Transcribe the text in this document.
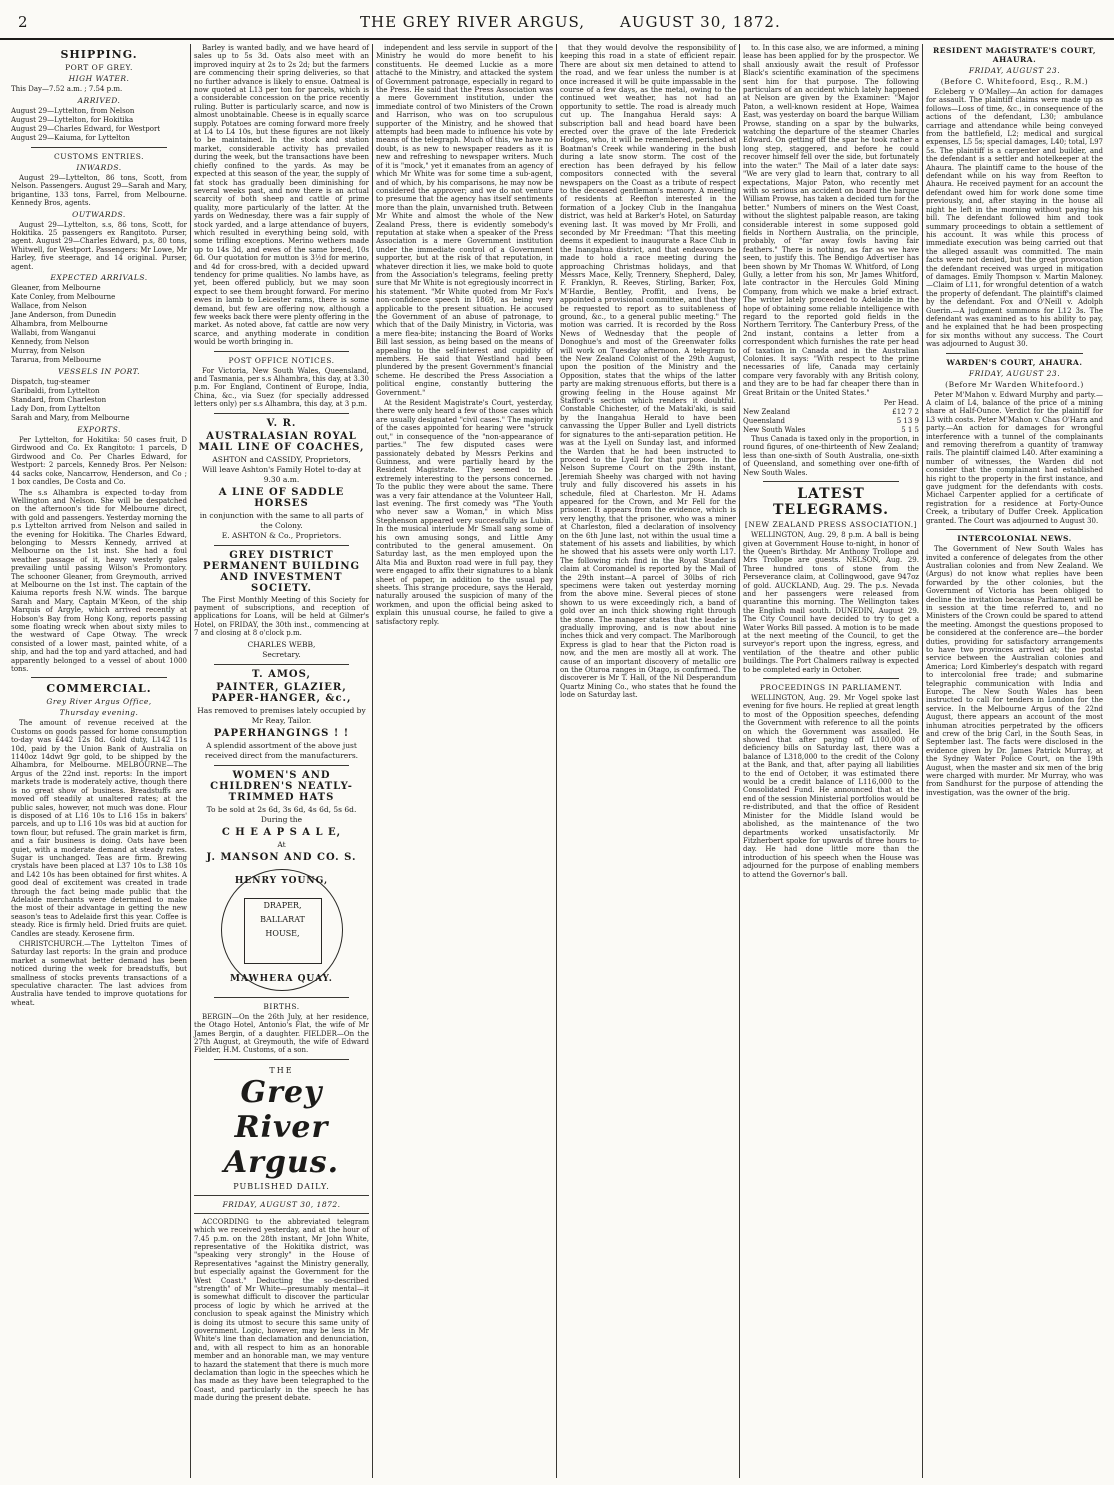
2	THE GREY RIVER ARGUS, AUGUST 30, 1872.
SHIPPING.
PORT OF GREY.
HIGH WATER.

This Day—7.52 a.m. ; 7.54 p.m.

ARRIVED.

August 29—Lyttelton, from Nelson

August 29—Lyttelton, for Hokitika

August 29—Charles Edward, for Westport

August 29—Kaiuma, for Lyttelton

CUSTOMS ENTRIES.
INWARDS.

August 29—Lyttelton, 86 tons, Scott, from Nelson. Passengers. August 29—Sarah and Mary, brigantine, 133 tons, Farrel, from Melbourne. Kennedy Bros, agents.

OUTWARDS.

August 29—Lyttelton, s.s, 86 tons, Scott, for Hokitika. 25 passengers ex Rangitoto. Purser, agent. August 29—Charles Edward, p.s, 80 tons, Whitwell, for Westport. Passengers: Mr Lowe, Mr Harley, five steerage, and 14 original. Purser, agent.

EXPECTED ARRIVALS.

Gleaner, from Melbourne

Kate Conley, from Melbourne

Wallace, from Nelson

Jane Anderson, from Dunedin

Alhambra, from Melbourne

Wallabi, from Wanganui

Kennedy, from Nelson

Murray, from Nelson

Tararua, from Melbourne

VESSELS IN PORT.

Dispatch, tug-steamer

Garibaldi, from Lyttelton

Standard, from Charleston

Lady Don, from Lyttelton

Sarah and Mary, from Melbourne

EXPORTS.

Per Lyttelton, for Hokitika: 50 cases fruit, D Girdwood and Co. Ex Rangitoto: 1 parcels, D Girdwood and Co. Per Charles Edward, for Westport: 2 parcels, Kennedy Bros. Per Nelson: 44 sacks coke, Nancarrow, Henderson, and Co ; 1 box candles, De Costa and Co.

The s.s Alhambra is expected to-day from Wellington and Nelson. She will be despatched on the afternoon's tide for Melbourne direct, with gold and passengers. Yesterday morning the p.s Lyttelton arrived from Nelson and sailed in the evening for Hokitika. The Charles Edward, belonging to Messrs Kennedy, arrived at Melbourne on the 1st inst. She had a foul weather passage of it, heavy westerly gales prevailing until passing Wilson's Promontory. The schooner Gleaner, from Greymouth, arrived at Melbourne on the 1st inst. The captain of the Kaiuma reports fresh N.W. winds. The barque Sarah and Mary, Captain M'Keon, of the ship Marquis of Argyle, which arrived recently at Hobson's Bay from Hong Kong, reports passing some floating wreck when about sixty miles to the westward of Cape Otway. The wreck consisted of a lower mast, painted white, of a ship, and had the top and yard attached, and had apparently belonged to a vessel of about 1000 tons.

COMMERCIAL.
Grey River Argus Office,
Thursday evening.

The amount of revenue received at the Customs on goods passed for home consumption to-day was £442 12s 8d. Gold duty, L142 11s 10d, paid by the Union Bank of Australia on 1140oz 14dwt 9gr gold, to be shipped by the Alhambra, for Melbourne. MELBOURNE—The Argus of the 22nd inst. reports: In the import markets trade is moderately active, though there is no great show of business. Breadstuffs are moved off steadily at unaltered rates; at the public sales, however, not much was done. Flour is disposed of at L16 10s to L16 15s in bakers' parcels, and up to L16 10s was bid at auction for town flour, but refused. The grain market is firm, and a fair business is doing. Oats have been quiet, with a moderate demand at steady rates. Sugar is unchanged. Teas are firm. Brewing crystals have been placed at L37 10s to L38 10s and L42 10s has been obtained for first whites. A good deal of excitement was created in trade through the fact being made public that the Adelaide merchants were determined to make the most of their advantage in getting the new season's teas to Adelaide first this year. Coffee is steady. Rice is firmly held. Dried fruits are quiet. Candles are steady. Kerosene firm.

CHRISTCHURCH.—The Lyttelton Times of Saturday last reports: In the grain and produce market a somewhat better demand has been noticed during the week for breadstuffs, but smallness of stocks prevents transactions of a speculative character. The last advices from Australia have tended to improve quotations for wheat.

Barley is wanted badly, and we have heard of sales up to 5s 3d. Oats also meet with an improved inquiry at 2s to 2s 2d; but the farmers are commencing their spring deliveries, so that no further advance is likely to ensue. Oatmeal is now quoted at L13 per ton for parcels, which is a considerable concession on the price recently ruling. Butter is particularly scarce, and now is almost unobtainable. Cheese is in equally scarce supply. Potatoes are coming forward more freely at L4 to L4 10s, but these figures are not likely to be maintained. In the stock and station market, considerable activity has prevailed during the week, but the transactions have been chiefly confined to the yards. As may be expected at this season of the year, the supply of fat stock has gradually been diminishing for several weeks past, and now there is an actual scarcity of both sheep and cattle of prime quality, more particularly of the latter. At the yards on Wednesday, there was a fair supply of stock yarded, and a large attendance of buyers, which resulted in everything being sold, with some trifling exceptions. Merino wethers made up to 14s 3d, and ewes of the same breed, 10s 6d. Our quotation for mutton is 3½d for merino, and 4d for cross-bred, with a decided upward tendency for prime qualities. No lambs have, as yet, been offered publicly, but we may soon expect to see them brought forward. For merino ewes in lamb to Leicester rams, there is some demand, but few are offering now, although a few weeks back there were plenty offering in the market. As noted above, fat cattle are now very scarce, and anything moderate in condition would be worth bringing in.

POST OFFICE NOTICES.

For Victoria, New South Wales, Queensland, and Tasmania, per s.s Alhambra, this day, at 3.30 p.m. For England, Continent of Europe, India, China, &c., via Suez (for specially addressed letters only) per s.s Alhambra, this day, at 3 p.m.

V. R.
AUSTRALASIAN ROYAL MAIL LINE OF COACHES,

ASHTON and CASSIDY, Proprietors,

Will leave Ashton's Family Hotel to-day at 9.30 a.m.

A LINE OF SADDLE HORSES

in conjunction with the same to all parts of the Colony.

E. ASHTON & Co., Proprietors.

GREY DISTRICT PERMANENT BUILDING AND INVESTMENT SOCIETY.

The First Monthly Meeting of this Society for payment of subscriptions, and reception of applications for Loans, will be held at Gilmer's Hotel, on FRIDAY, the 30th inst., commencing at 7 and closing at 8 o'clock p.m.

CHARLES WEBB,

Secretary.

T. AMOS,
PAINTER, GLAZIER, PAPER-HANGER, &c.,

Has removed to premises lately occupied by Mr Reay, Tailor.

PAPERHANGINGS ! !

A splendid assortment of the above just received direct from the manufacturers.

WOMEN'S AND CHILDREN'S NEATLY-TRIMMED HATS

To be sold at 2s 6d, 3s 6d, 4s 6d, 5s 6d.

During the

C H E A P S A L E,

At

J. MANSON AND CO. S.
HENRY YOUNG,
DRAPER,
BALLARAT HOUSE,
MAWHERA QUAY.
BIRTHS.

BERGIN—On the 26th July, at her residence, the Otago Hotel, Antonio's Flat, the wife of Mr James Bergin, of a daughter. FIELDER—On the 27th August, at Greymouth, the wife of Edward Fielder, H.M. Customs, of a son.

THE
Grey River Argus.
PUBLISHED DAILY.
FRIDAY, AUGUST 30, 1872.

ACCORDING to the abbreviated telegram which we received yesterday, and at the hour of 7.45 p.m. on the 28th instant, Mr John White, representative of the Hokitika district, was "speaking very strongly" in the House of Representatives "against the Ministry generally, but especially against the Government for the West Coast." Deducting the so-described "strength" of Mr White—presumably mental—it is somewhat difficult to discover the particular process of logic by which he arrived at the conclusion to speak against the Ministry which is doing its utmost to secure this same unity of government. Logic, however, may be less in Mr White's line than declamation and denunciation, and, with all respect to him as an honorable member and an honorable man, we may venture to hazard the statement that there is much more declamation than logic in the speeches which he has made as they have been telegraphed to the Coast, and particularly in the speech he has made during the present debate.

independent and less servile in support of the Ministry he would do more benefit to his constituents. He deemed Luckie as a more attaché to the Ministry, and attacked the system of Government patronage, especially in regard to the Press. He said that the Press Association was a mere Government institution, under the immediate control of two Ministers of the Crown and Harrison, who was on too scrupulous supporter of the Ministry, and he showed that attempts had been made to influence his vote by means of the telegraph. Much of this, we have no doubt, is as new to newspaper readers as it is new and refreshing to newspaper writers. Much of it is "mock," yet it emanates from an agency of which Mr White was for some time a sub-agent, and of which, by his comparisons, he may now be considered the approver; and we do not venture to presume that the agency has itself sentiments more than the plain, unvarnished truth. Between Mr White and almost the whole of the New Zealand Press, there is evidently somebody's reputation at stake when a speaker of the Press Association is a mere Government institution under the immediate control of a Government supporter, but at the risk of that reputation, in whatever direction it lies, we make bold to quote from the Association's telegrams, feeling pretty sure that Mr White is not egregiously incorrect in his statement. "Mr White quoted from Mr Fox's non-confidence speech in 1869, as being very applicable to the present situation. He accused the Government of an abuse of patronage, to which that of the Daily Ministry, in Victoria, was a mere flea-bite; instancing the Board of Works Bill last session, as being based on the means of appealing to the self-interest and cupidity of members. He said that Westland had been plundered by the present Government's financial scheme. He described the Press Association a political engine, constantly buttering the Government."

At the Resident Magistrate's Court, yesterday, there were only heard a few of those cases which are usually designated "civil cases." The majority of the cases appointed for hearing were "struck out," in consequence of the "non-appearance of parties." The few disputed cases were passionately debated by Messrs Perkins and Guinness, and were partially heard by the Resident Magistrate. They seemed to be extremely interesting to the persons concerned. To the public they were about the same. There was a very fair attendance at the Volunteer Hall, last evening. The first comedy was "The Youth who never saw a Woman," in which Miss Stephenson appeared very successfully as Lubin. In the musical interlude Mr Small sang some of his own amusing songs, and Little Amy contributed to the general amusement. On Saturday last, as the men employed upon the Alta Mia and Buxton road were in full pay, they were engaged to affix their signatures to a blank sheet of paper, in addition to the usual pay sheets. This strange procedure, says the Herald, naturally aroused the suspicion of many of the workmen, and upon the official being asked to explain this unusual course, he failed to give a satisfactory reply.

that they would devolve the responsibility of keeping this road in a state of efficient repair. There are about six men detained to attend to the road, and we fear unless the number is at once increased it will be quite impassable in the course of a few days, as the metal, owing to the continued wet weather, has not had an opportunity to settle. The road is already much cut up. The Inangahua Herald says: A subscription ball and head board have been erected over the grave of the late Frederick Hodges, who, it will be remembered, perished at Boatman's Creek while wandering in the bush during a late snow storm. The cost of the erection has been defrayed by his fellow compositors connected with the several newspapers on the Coast as a tribute of respect to the deceased gentleman's memory. A meeting of residents at Reefton interested in the formation of a Jockey Club in the Inangahua district, was held at Barker's Hotel, on Saturday evening last. It was moved by Mr Frolli, and seconded by Mr Freedman: "That this meeting deems it expedient to inaugurate a Race Club in the Inangahua district, and that endeavours be made to hold a race meeting during the approaching Christmas holidays, and that Messrs Mace, Kelly, Trennery, Shepherd, Daley, F. Franklyn, R. Reeves, Stirling, Barker, Fox, M'Hardie, Bentley, Proffit, and Ivens, be appointed a provisional committee, and that they be requested to report as to suitableness of ground, &c., to a general public meeting." The motion was carried. It is recorded by the Ross News of Wednesday that the people of Donoghue's and most of the Greenwater folks will work on Tuesday afternoon. A telegram to the New Zealand Colonist of the 29th August, upon the position of the Ministry and the Opposition, states that the whips of the latter party are making strenuous efforts, but there is a growing feeling in the House against Mr Stafford's section which renders it doubtful. Constable Chichester, of the Mataki'aki, is said by the Inangahua Herald to have been canvassing the Upper Buller and Lyell districts for signatures to the anti-separation petition. He was at the Lyell on Sunday last, and informed the Warden that he had been instructed to proceed to the Lyell for that purpose. In the Nelson Supreme Court on the 29th instant, Jeremiah Sheehy was charged with not having truly and fully discovered his assets in his schedule, filed at Charleston. Mr H. Adams appeared for the Crown, and Mr Fell for the prisoner. It appears from the evidence, which is very lengthy, that the prisoner, who was a miner at Charleston, filed a declaration of insolvency on the 6th June last, not within the usual time a statement of his assets and liabilities, by which he showed that his assets were only worth L17. The following rich find in the Royal Standard claim at Coromandel is reported by the Mail of the 29th instant—A parcel of 30lbs of rich specimens were taken out yesterday morning from the above mine. Several pieces of stone shown to us were exceedingly rich, a band of gold over an inch thick showing right through the stone. The manager states that the leader is gradually improving, and is now about nine inches thick and very compact. The Marlborough Express is glad to hear that the Picton road is now, and the men are mostly all at work. The cause of an important discovery of metallic ore on the Oturoa ranges in Otago, is confirmed. The discoverer is Mr T. Hall, of the Nil Desperandum Quartz Mining Co., who states that he found the lode on Saturday last.

to. In this case also, we are informed, a mining lease has been applied for by the prospector. We shall anxiously await the result of Professor Black's scientific examination of the specimens sent him for that purpose. The following particulars of an accident which lately happened at Nelson are given by the Examiner: "Major Paton, a well-known resident at Hope, Waimea East, was yesterday on board the barque William Prowse, standing on a spar by the bulwarks, watching the departure of the steamer Charles Edward. On getting off the spar he took rather a long step, staggered, and before he could recover himself fell over the side, but fortunately into the water." The Mail of a later date says: "We are very glad to learn that, contrary to all expectations, Major Paton, who recently met with so serious an accident on board the barque William Prowse, has taken a decided turn for the better." Numbers of miners on the West Coast, without the slightest palpable reason, are taking considerable interest in some supposed gold fields in Northern Australia, on the principle, probably, of "far away fowls having fair feathers." There is nothing, as far as we have seen, to justify this. The Bendigo Advertiser has been shown by Mr Thomas W. Whitford, of Long Gully, a letter from his son, Mr James Whitford, late contractor in the Hercules Gold Mining Company, from which we make a brief extract. The writer lately proceeded to Adelaide in the hope of obtaining some reliable intelligence with regard to the reported gold fields in the Northern Territory. The Canterbury Press, of the 2nd instant, contains a letter from a correspondent which furnishes the rate per head of taxation in Canada and in the Australian Colonies. It says: "With respect to the prime necessaries of life, Canada may certainly compare very favorably with any British colony, and they are to be had far cheaper there than in Great Britain or the United States."

Per Head.
New Zealand	£12 7 2
Queensland	5 13 9
New South Wales	5 1 5

Thus Canada is taxed only in the proportion, in round figures, of one-thirteenth of New Zealand; less than one-sixth of South Australia, one-sixth of Queensland, and something over one-fifth of New South Wales.

LATEST TELEGRAMS.
[NEW ZEALAND PRESS ASSOCIATION.]

WELLINGTON, Aug. 29, 8 p.m. A ball is being given at Government House to-night, in honor of the Queen's Birthday. Mr Anthony Trollope and Mrs Trollope are guests. NELSON, Aug. 29. Three hundred tons of stone from the Perseverance claim, at Collingwood, gave 947oz of gold. AUCKLAND, Aug. 29. The p.s. Nevada and her passengers were released from quarantine this morning. The Wellington takes the English mail south. DUNEDIN, August 29. The City Council have decided to try to get a Water Works Bill passed. A motion is to be made at the next meeting of the Council, to get the surveyor's report upon the ingress, egress, and ventilation of the theatre and other public buildings. The Port Chalmers railway is expected to be completed early in October.

PROCEEDINGS IN PARLIAMENT.

WELLINGTON, Aug. 29. Mr Vogel spoke last evening for five hours. He replied at great length to most of the Opposition speeches, defending the Government with reference to all the points on which the Government was assailed. He showed that after paying off L100,000 of deficiency bills on Saturday last, there was a balance of L318,000 to the credit of the Colony at the Bank, and that, after paying all liabilities to the end of October, it was estimated there would be a credit balance of L116,000 to the Consolidated Fund. He announced that at the end of the session Ministerial portfolios would be re-distributed, and that the office of Resident Minister for the Middle Island would be abolished, as the maintenance of the two departments worked unsatisfactorily. Mr Fitzherbert spoke for upwards of three hours to-day. He had done little more than the introduction of his speech when the House was adjourned for the purpose of enabling members to attend the Governor's ball.

RESIDENT MAGISTRATE'S COURT, AHAURA.
FRIDAY, AUGUST 23.
(Before C. Whitefoord, Esq., R.M.)

Ecleberg v O'Malley—An action for damages for assault. The plaintiff claims were made up as follows—Loss of time, &c., in consequence of the actions of the defendant, L30; ambulance carriage and attendance while being conveyed from the battlefield, L2; medical and surgical expenses, L5 5s; special damages, L40; total, L97 5s. The plaintiff is a carpenter and builder, and the defendant is a settler and hotelkeeper at the Ahaura. The plaintiff came to the house of the defendant while on his way from Reefton to Ahaura. He received payment for an account the defendant owed him for work done some time previously, and, after staying in the house all night he left in the morning without paying his bill. The defendant followed him and took summary proceedings to obtain a settlement of his account. It was while this process of immediate execution was being carried out that the alleged assault was committed. The main facts were not denied, but the great provocation the defendant received was urged in mitigation of damages. Emily Thompson v. Martin Maloney.—Claim of L11, for wrongful detention of a watch the property of defendant. The plaintiff's claimed by the defendant. Fox and O'Neill v. Adolph Guerin.—A judgment summons for L12 3s. The defendant was examined as to his ability to pay, and he explained that he had been prospecting for six months without any success. The Court was adjourned to August 30.

WARDEN'S COURT, AHAURA.
FRIDAY, AUGUST 23.
(Before Mr Warden Whitefoord.)

Peter M'Mahon v. Edward Murphy and party.—A claim of L4, balance of the price of a mining share at Half-Ounce. Verdict for the plaintiff for L3 with costs. Peter M'Mahon v. Chas O'Hara and party.—An action for damages for wrongful interference with a tunnel of the complainants and removing therefrom a quantity of tramway rails. The plaintiff claimed L40. After examining a number of witnesses, the Warden did not consider that the complainant had established his right to the property in the first instance, and gave judgment for the defendants with costs. Michael Carpenter applied for a certificate of registration for a residence at Forty-Ounce Creek, a tributary of Duffer Creek. Application granted. The Court was adjourned to August 30.

INTERCOLONIAL NEWS.

The Government of New South Wales has invited a conference of delegates from the other Australian colonies and from New Zealand. We (Argus) do not know what replies have been forwarded by the other colonies, but the Government of Victoria has been obliged to decline the invitation because Parliament will be in session at the time referred to, and no Ministers of the Crown could be spared to attend the meeting. Amongst the questions proposed to be considered at the conference are—the border duties, providing for satisfactory arrangements to have two provinces arrived at; the postal service between the Australian colonies and America; Lord Kimberley's despatch with regard to intercolonial free trade; and submarine telegraphic communication with India and Europe. The New South Wales has been instructed to call for tenders in London for the service. In the Melbourne Argus of the 22nd August, there appears an account of the most inhuman atrocities perpetrated by the officers and crew of the brig Carl, in the South Seas, in September last. The facts were disclosed in the evidence given by Dr. James Patrick Murray, at the Sydney Water Police Court, on the 19th August, when the master and six men of the brig were charged with murder. Mr Murray, who was from Sandhurst for the purpose of attending the investigation, was the owner of the brig.
